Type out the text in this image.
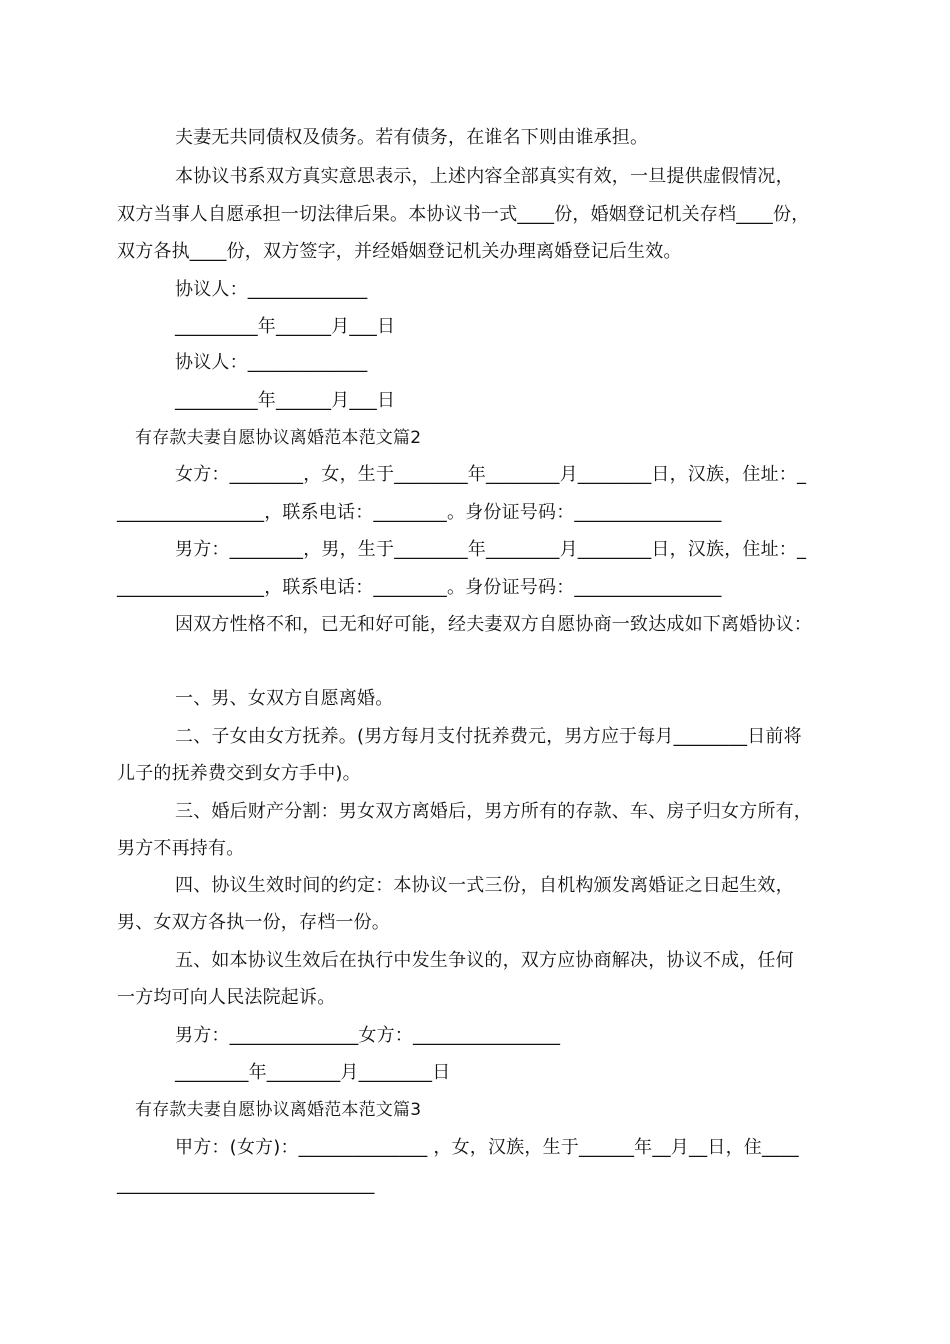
夫妻无共同债权及债务。若有债务，在谁名下则由谁承担。
本协议书系双方真实意思表示，上述内容全部真实有效，一旦提供虚假情况，
双方当事人自愿承担一切法律后果。本协议书一式____份，婚姻登记机关存档____份，
双方各执____份，双方签字，并经婚姻登记机关办理离婚登记后生效。
协议人：_____________
_________年______月___日
协议人：_____________
_________年______月___日
有存款夫妻自愿协议离婚范本范文篇2
女方：________，女，生于________年________月________日，汉族，住址：_
________________，联系电话：________。身份证号码：________________
男方：________，男，生于________年________月________日，汉族，住址：_
________________，联系电话：________。身份证号码：________________
因双方性格不和，已无和好可能，经夫妻双方自愿协商一致达成如下离婚协议：
一、男、女双方自愿离婚。
二、子女由女方抚养。(男方每月支付抚养费元，男方应于每月________日前将
儿子的抚养费交到女方手中)。
三、婚后财产分割：男女双方离婚后，男方所有的存款、车、房子归女方所有，
男方不再持有。
四、协议生效时间的约定：本协议一式三份，自机构颁发离婚证之日起生效，
男、女双方各执一份，存档一份。
五、如本协议生效后在执行中发生争议的，双方应协商解决，协议不成，任何
一方均可向人民法院起诉。
男方：______________女方：________________
________年________月________日
有存款夫妻自愿协议离婚范本范文篇3
甲方：(女方)：______________ ，女，汉族，生于______年__月__日，住____
____________________________
